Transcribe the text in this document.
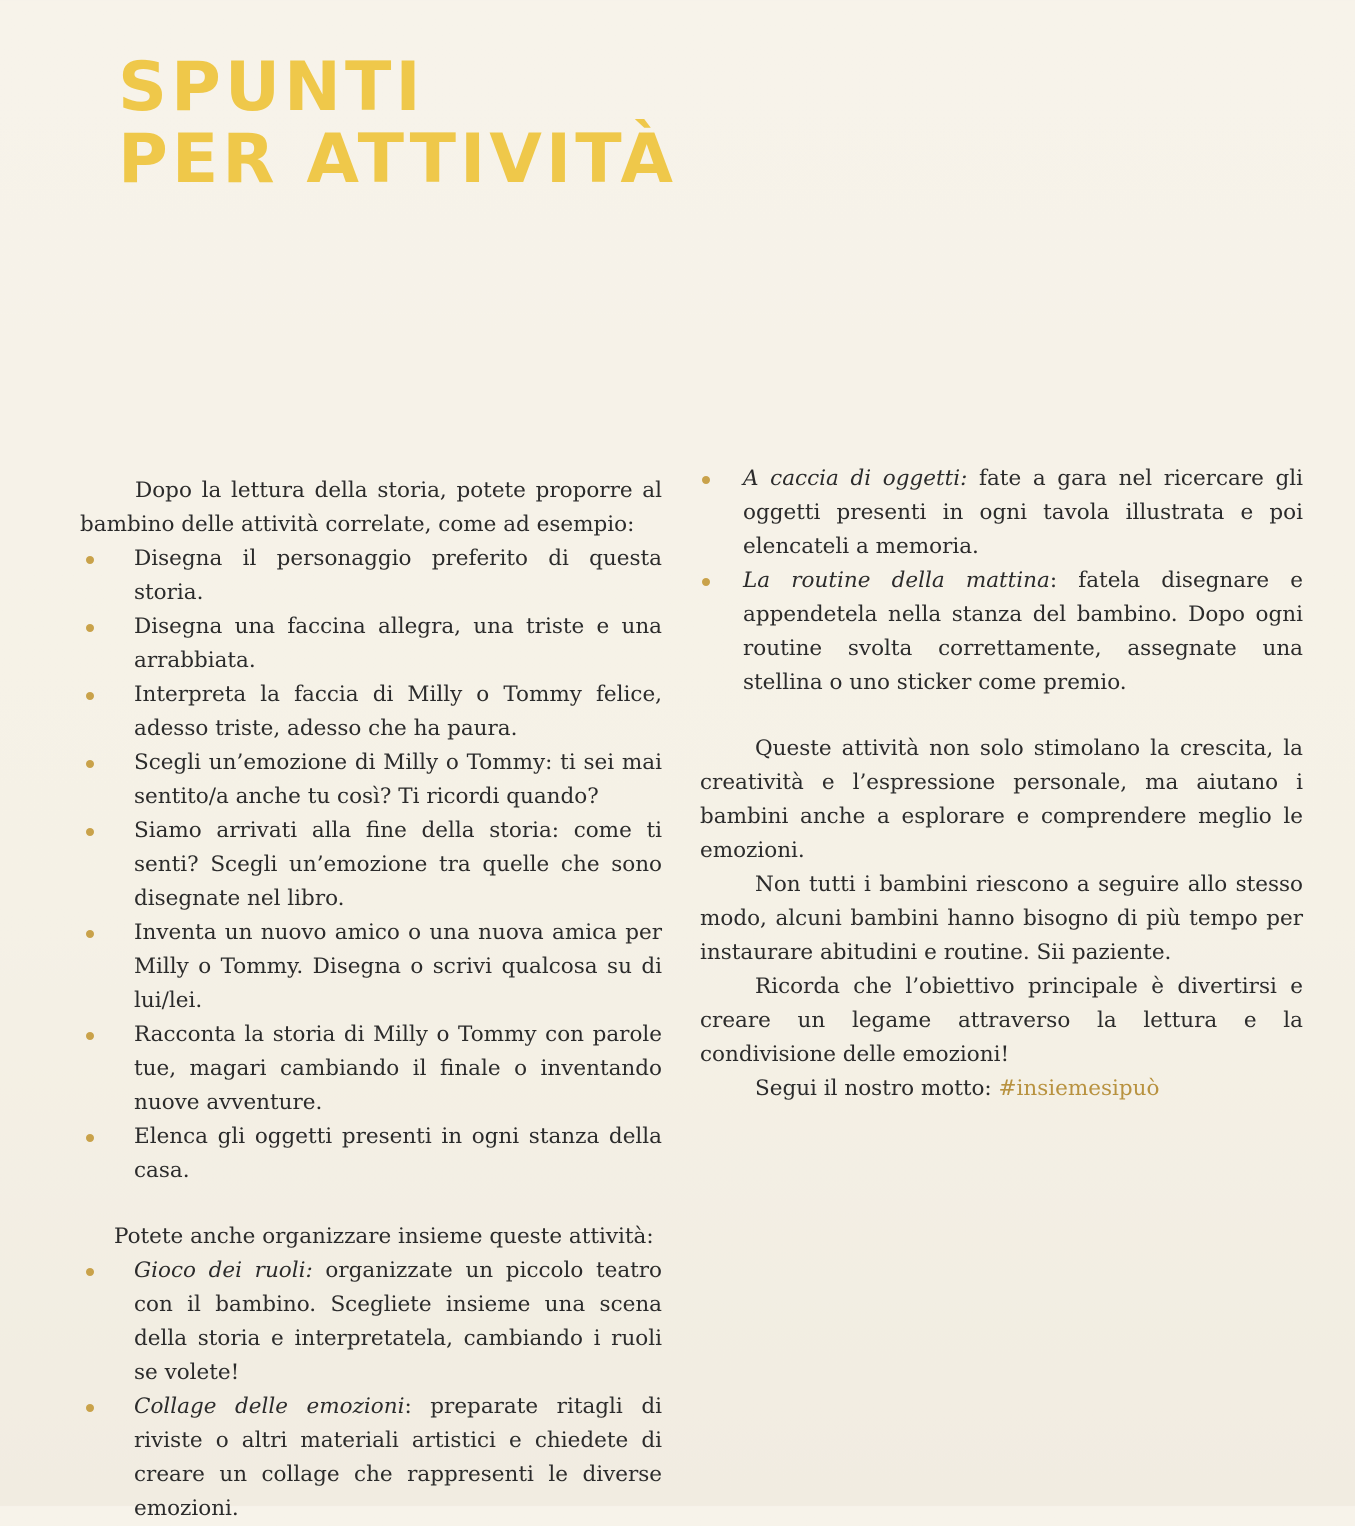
SPUNTI
PER ATTIVITÀ

Dopo la lettura della storia, potete proporre al bambino delle attività correlate, come ad esempio:

Disegna il personaggio preferito di questa storia.
Disegna una faccina allegra, una triste e una arrabbiata.
Interpreta la faccia di Milly o Tommy felice, adesso triste, adesso che ha paura.
Scegli un’emozione di Milly o Tommy: ti sei mai sentito/a anche tu così? Ti ricordi quando?
Siamo arrivati alla fine della storia: come ti senti? Scegli un’emozione tra quelle che sono disegnate nel libro.
Inventa un nuovo amico o una nuova amica per Milly o Tommy. Disegna o scrivi qualcosa su di lui/lei.
Racconta la storia di Milly o Tommy con parole tue, magari cambiando il finale o inventando nuove avventure.
Elenca gli oggetti presenti in ogni stanza della casa.

Potete anche organizzare insieme queste attività:

Gioco dei ruoli: organizzate un piccolo teatro con il bambino. Scegliete insieme una scena della storia e interpretatela, cambiando i ruoli se volete!
Collage delle emozioni: preparate ritagli di riviste o altri materiali artistici e chiedete di creare un collage che rappresenti le diverse emozioni.
A caccia di oggetti: fate a gara nel ricercare gli oggetti presenti in ogni tavola illustrata e poi elencateli a memoria.
La routine della mattina: fatela disegnare e appendetela nella stanza del bambino. Dopo ogni routine svolta correttamente, assegnate una stellina o uno sticker come premio.

Queste attività non solo stimolano la crescita, la creatività e l’espressione personale, ma aiutano i bambini anche a esplorare e comprendere meglio le emozioni.

Non tutti i bambini riescono a seguire allo stesso modo, alcuni bambini hanno bisogno di più tempo per instaurare abitudini e routine. Sii paziente.

Ricorda che l’obiettivo principale è divertirsi e creare un legame attraverso la lettura e la condivisione delle emozioni!

Segui il nostro motto: #insiemesipuò
